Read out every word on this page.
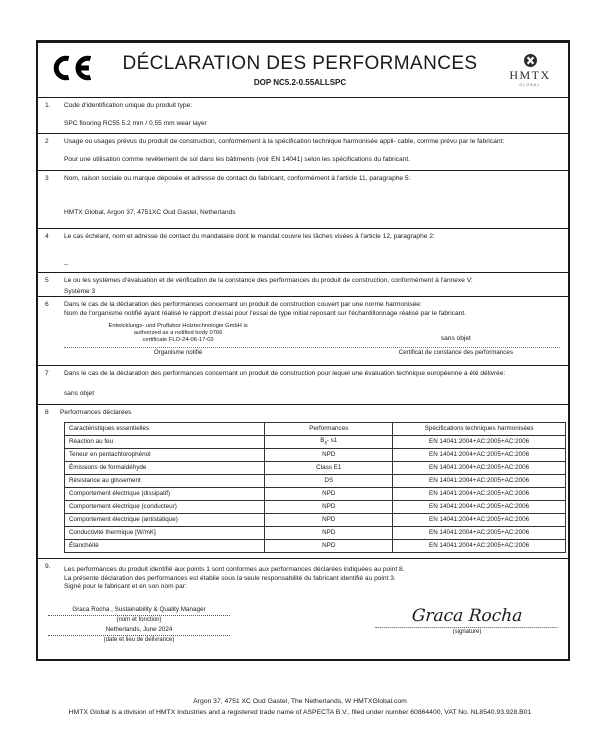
DÉCLARATION DES PERFORMANCES
DOP NC5.2-0.55ALLSPC
HMTX
GLOBAL
1. Code d'identification unique du produit type:
SPC flooring RC55 5.2 mm / 0.55 mm wear layer
2 Usage ou usages prévus du produit de construction, conformément à la spécification technique harmonisée appli- cable, comme prévu par le fabricant:
Pour une utilisation comme revêtement de sol dans les bâtiments (voir EN 14041) selon les spécifications du fabricant.
3 Nom, raison sociale ou marque déposée et adresse de contact du fabricant, conformément à l'article 11, paragraphe 5:
HMTX Global, Argon 37, 4751XC Oud Gastel, Netherlands
4 Le cas échéant, nom et adresse de contact du mandataire dont le mandat couvre les tâches visées à l'article 12, paragraphe 2:
--
5 Le ou les systèmes d'évaluation et de vérification de la constance des performances du produit de construction, conformément à l'annexe V:
Système 3
6 Dans le cas de la déclaration des performances concernant un produit de construction couvert par une norme harmonisée:
Nom de l'organisme notifié ayant réalisé le rapport d'essai pour l'essai de type initial reposant sur l'échantillonnage réalisé par le fabricant.
Entwicklungs- und Pruflabor Holztechnologie GmbH is
authorized as a notified body 0766
certificate FLO-24-06-17-02	sans objet
Organisme notifié	Certificat de constance des performances
7 Dans le cas de la déclaration des performances concernant un produit de construction pour lequel une évaluation technique européenne a été délivrée:
sans objet
8 Performances déclarées
Caractéristiques essentielles	Performances	Spécifications techniques harmonisées
Réaction au feu	$B_{fl}-$ s1	EN 14041:2004+AC:2005+AC:2006
Teneur en pentachlorophénol	NPD	EN 14041:2004+AC:2005+AC:2006
Émissions de formaldéhyde	Class E1	EN 14041:2004+AC:2005+AC:2006
Résistance au glissement	DS	EN 14041:2004+AC:2005+AC:2006
Comportement électrique (dissipatif)	NPD	EN 14041:2004+AC:2005+AC:2006
Comportement électrique (conducteur)	NPD	EN 14041:2004+AC:2005+AC:2006
Comportement électrique (antistatique)	NPD	EN 14041:2004+AC:2005+AC:2006
Conductivité thermique [W/mK]	NPD	EN 14041:2004+AC:2005+AC:2006
Étanchéité	NPD	EN 14041:2004+AC:2005+AC:2006
9. Les performances du produit identifié aux points 1 sont conformes aux performances déclarées indiquées au point 8.
La présente déclaration des performances est établie sous la seule responsabilité du fabricant identifié au point 3.
Signé pour le fabricant et en son nom par:
Graca Rocha , Sustainability & Quality Manager
(nom et fonction)
Netherlands, June 2024
(date et lieu de délivrance)
Graca Rocha
(signature)
Argon 37, 4751 XC Oud Gastel, The Netherlands, W HMTXGlobal.com
HMTX Global is a division of HMTX Industries and a registered trade name of ASPECTA B.V., filed under number 60864400, VAT No. NL8540.93.928.B01
